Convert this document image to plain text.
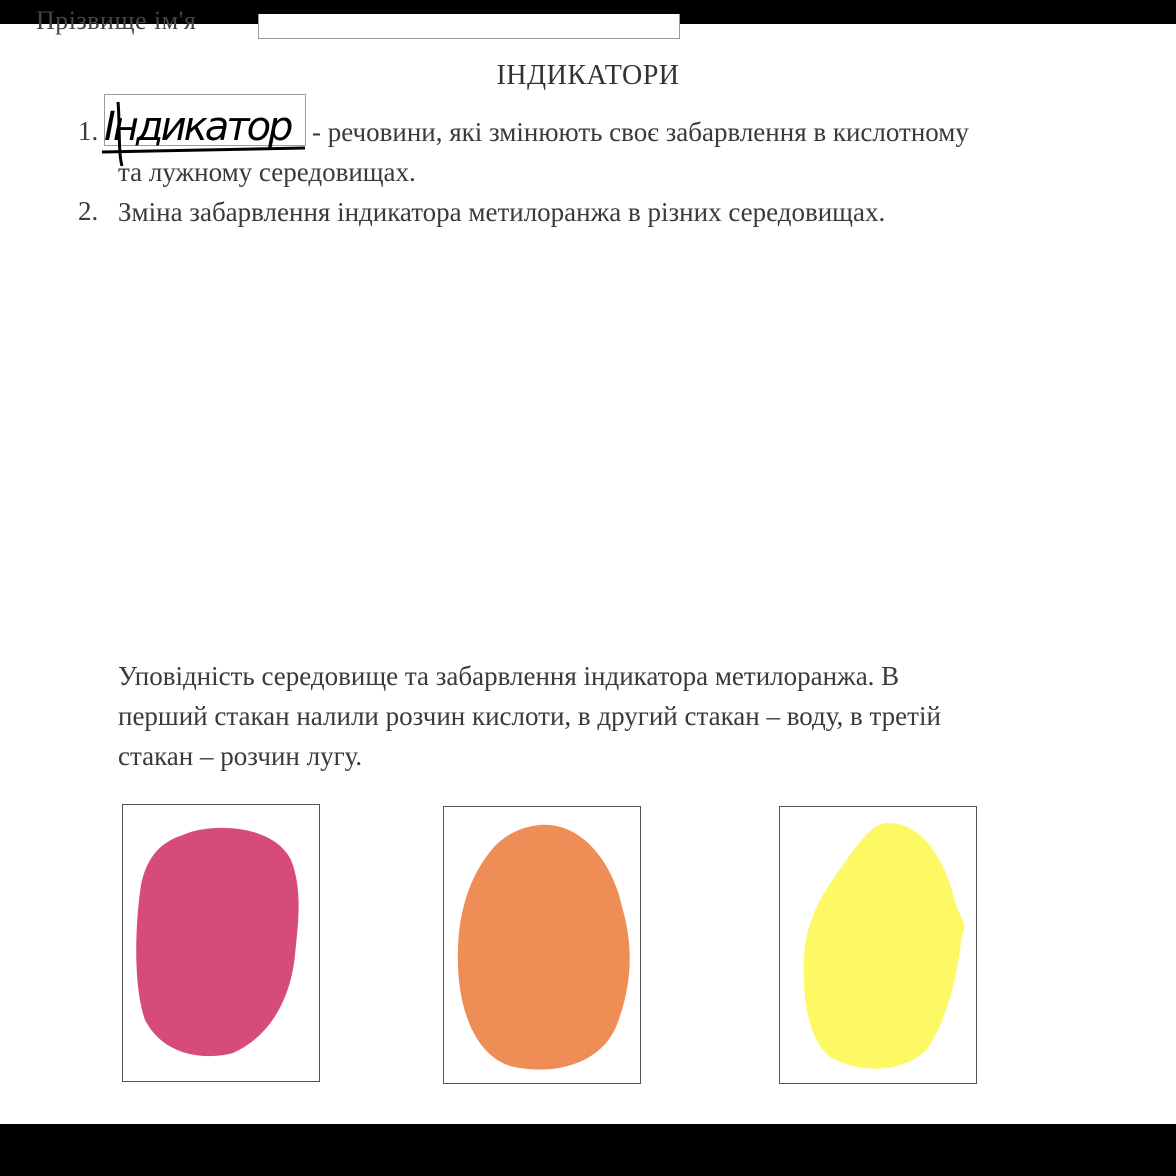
Прізвище ім'я
ІНДИКАТОРИ
1. Індикатор - речовини, які змінюють своє забарвлення в кислотному
та лужному середовищах.
2. Зміна забарвлення індикатора метилоранжа в різних середовищах.
Уповідність середовище та забарвлення індикатора метилоранжа. В
перший стакан налили розчин кислоти, в другий стакан – воду, в третій
стакан – розчин лугу.
